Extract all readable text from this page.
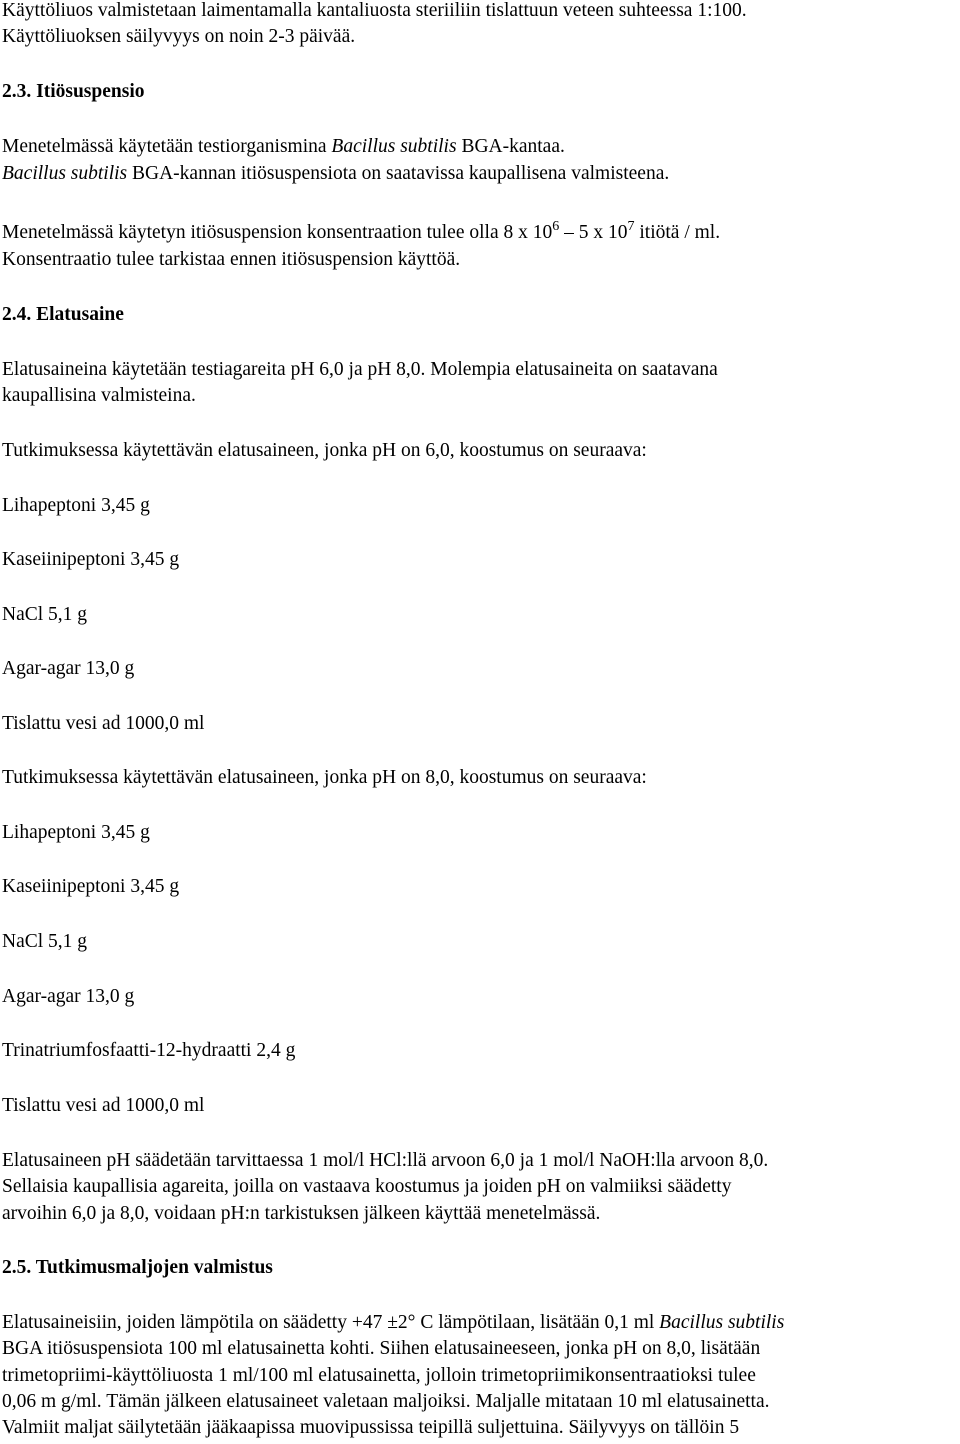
Käyttöliuos valmistetaan laimentamalla kantaliuosta steriiliin tislattuun veteen suhteessa 1:100.
Käyttöliuoksen säilyvyys on noin 2-3 päivää.
2.3. Itiösuspensio
Menetelmässä käytetään testiorganismina Bacillus subtilis BGA-kantaa.
Bacillus subtilis BGA-kannan itiösuspensiota on saatavissa kaupallisena valmisteena.
Menetelmässä käytetyn itiösuspension konsentraation tulee olla 8 x $10^6 - 5$ x $10^7$ itiötä / ml.
Konsentraatio tulee tarkistaa ennen itiösuspension käyttöä.
2.4. Elatusaine
Elatusaineina käytetään testiagareita pH 6,0 ja pH 8,0. Molempia elatusaineita on saatavana
kaupallisina valmisteina.
Tutkimuksessa käytettävän elatusaineen, jonka pH on 6,0, koostumus on seuraava:
Lihapeptoni 3,45 g
Kaseiinipeptoni 3,45 g
NaCl 5,1 g
Agar-agar 13,0 g
Tislattu vesi ad 1000,0 ml
Tutkimuksessa käytettävän elatusaineen, jonka pH on 8,0, koostumus on seuraava:
Lihapeptoni 3,45 g
Kaseiinipeptoni 3,45 g
NaCl 5,1 g
Agar-agar 13,0 g
Trinatriumfosfaatti-12-hydraatti 2,4 g
Tislattu vesi ad 1000,0 ml
Elatusaineen pH säädetään tarvittaessa 1 mol/l HCl:llä arvoon 6,0 ja 1 mol/l NaOH:lla arvoon 8,0.
Sellaisia kaupallisia agareita, joilla on vastaava koostumus ja joiden pH on valmiiksi säädetty
arvoihin 6,0 ja 8,0, voidaan pH:n tarkistuksen jälkeen käyttää menetelmässä.
2.5. Tutkimusmaljojen valmistus
Elatusaineisiin, joiden lämpötila on säädetty +47 ±2° C lämpötilaan, lisätään 0,1 ml Bacillus subtilis
BGA itiösuspensiota 100 ml elatusainetta kohti. Siihen elatusaineeseen, jonka pH on 8,0, lisätään
trimetopriimi-käyttöliuosta 1 ml/100 ml elatusainetta, jolloin trimetopriimikonsentraatioksi tulee
0,06 m g/ml. Tämän jälkeen elatusaineet valetaan maljoiksi. Maljalle mitataan 10 ml elatusainetta.
Valmiit maljat säilytetään jääkaapissa muovipussissa teipillä suljettuina. Säilyvyys on tällöin 5
